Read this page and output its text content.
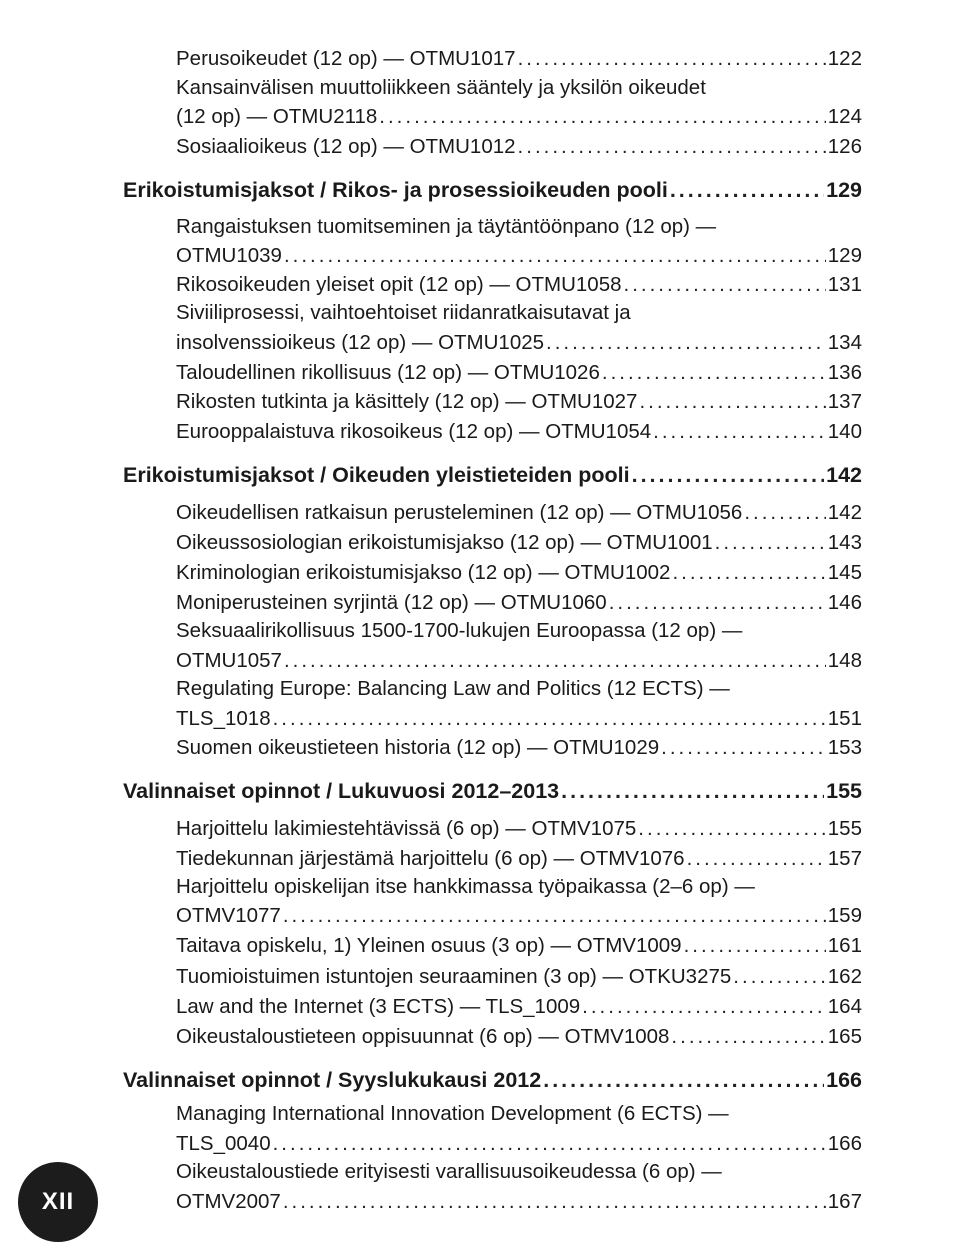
Perusoikeudet (12 op) — OTMU1017 .....	122
Kansainvälisen muuttoliikkeen sääntely ja yksilön oikeudet
(12 op) — OTMU2118 .....	124
Sosiaalioikeus (12 op) — OTMU1012 .....	126
Erikoistumisjaksot / Rikos- ja prosessioikeuden pooli .....	129
Rangaistuksen tuomitseminen ja täytäntöönpano (12 op) —
OTMU1039 .....	129
Rikosoikeuden yleiset opit (12 op) — OTMU1058 .....	131
Siviiliprosessi, vaihtoehtoiset riidanratkaisutavat ja
insolvenssioikeus (12 op) — OTMU1025 .....	134
Taloudellinen rikollisuus (12 op) — OTMU1026 .....	136
Rikosten tutkinta ja käsittely (12 op) — OTMU1027 .....	137
Eurooppalaistuva rikosoikeus (12 op) — OTMU1054 .....	140
Erikoistumisjaksot / Oikeuden yleistieteiden pooli .....	142
Oikeudellisen ratkaisun perusteleminen (12 op) — OTMU1056 .....	142
Oikeussosiologian erikoistumisjakso (12 op) — OTMU1001 .....	143
Kriminologian erikoistumisjakso (12 op) — OTMU1002 .....	145
Moniperusteinen syrjintä (12 op) — OTMU1060 .....	146
Seksuaalirikollisuus 1500-1700-lukujen Euroopassa (12 op) —
OTMU1057 .....	148
Regulating Europe: Balancing Law and Politics (12 ECTS) —
TLS_1018 .....	151
Suomen oikeustieteen historia (12 op) — OTMU1029 .....	153
Valinnaiset opinnot / Lukuvuosi 2012–2013 .....	155
Harjoittelu lakimiestehtävissä (6 op) — OTMV1075 .....	155
Tiedekunnan järjestämä harjoittelu (6 op) — OTMV1076 .....	157
Harjoittelu opiskelijan itse hankkimassa työpaikassa (2–6 op) —
OTMV1077 .....	159
Taitava opiskelu, 1) Yleinen osuus (3 op) — OTMV1009 .....	161
Tuomioistuimen istuntojen seuraaminen (3 op) — OTKU3275 .....	162
Law and the Internet (3 ECTS) — TLS_1009 .....	164
Oikeustaloustieteen oppisuunnat (6 op) — OTMV1008 .....	165
Valinnaiset opinnot / Syyslukukausi 2012 .....	166
Managing International Innovation Development (6 ECTS) —
TLS_0040 .....	166
Oikeustaloustiede erityisesti varallisuusoikeudessa (6 op) —
OTMV2007 .....	167
XII
